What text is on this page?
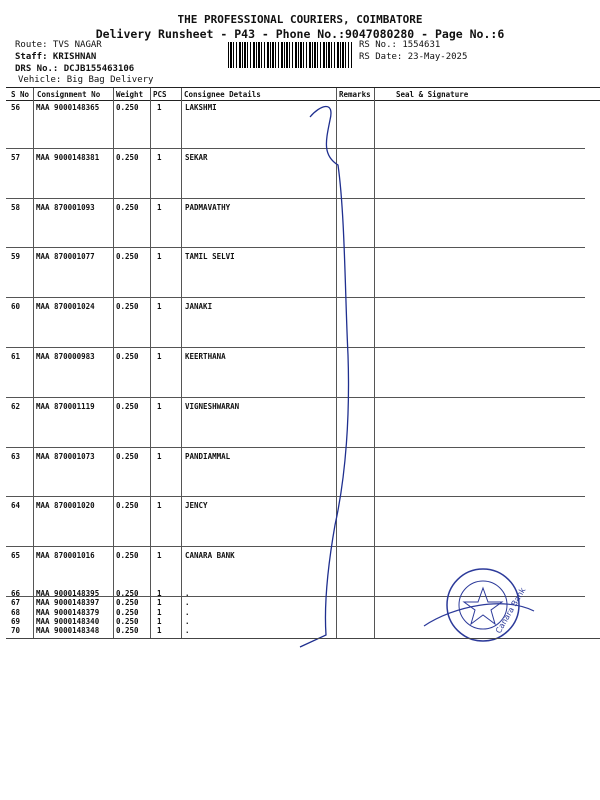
THE PROFESSIONAL COURIERS, COIMBATORE
Delivery Runsheet - P43 - Phone No.:9047080280 - Page No.:6
Route: TVS NAGAR
Staff: KRISHNAN
DRS No.: DCJB155463106
Vehicle: Big Bag Delivery
RS No.: 1554631
RS Date: 23-May-2025
S No Consignment No Weight PCS Consignee Details	Remarks	Seal & Signature
56 MAA 9000148365 0.250 1	LAKSHMI
57 MAA 9000148381 0.250 1	SEKAR
58 MAA 870001093	0.250 1	PADMAVATHY
59 MAA 870001077	0.250 1	TAMIL SELVI
60 MAA 870001024	0.250 1	JANAKI
61 MAA 870000983	0.250 1	KEERTHANA
62 MAA 870001119	0.250 1	VIGNESHWARAN
63 MAA 870001073	0.250 1	PANDIAMMAL
64 MAA 870001020	0.250 1	JENCY
65 MAA 870001016	0.250 1	CANARA BANK
66 MAA 9000148395 0.250 1	.
67 MAA 9000148397 0.250 1	.
68 MAA 9000148379 0.250 1	.
69 MAA 9000148340 0.250 1	.
70 MAA 9000148348 0.250 1	.	Canara Bank
